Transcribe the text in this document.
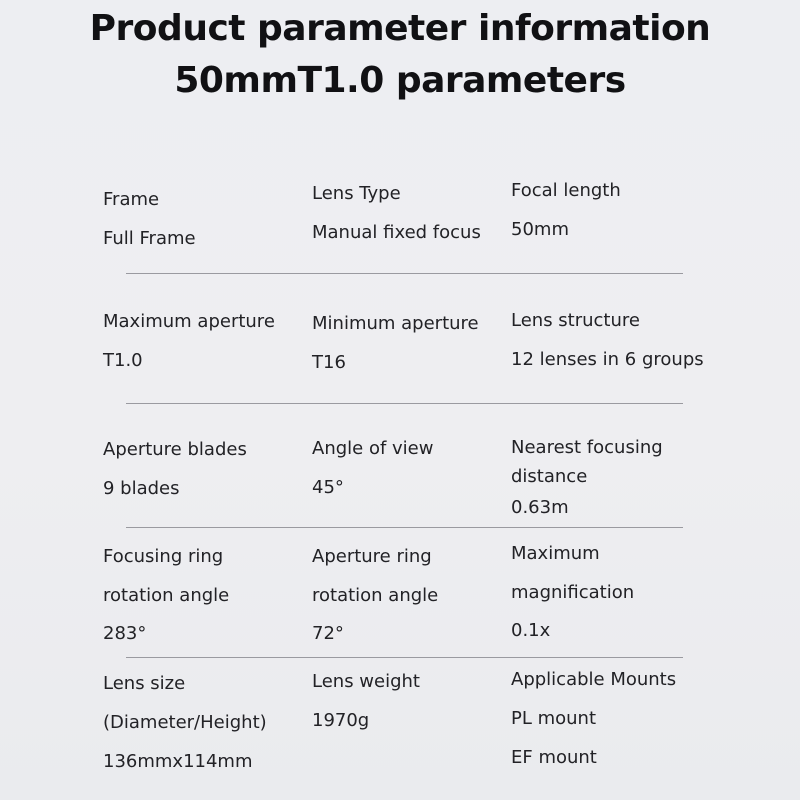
Product parameter information
50mmT1.0 parameters
Frame
Full Frame
Lens Type
Manual fixed focus
Focal length
50mm
Maximum aperture
T1.0
Minimum aperture
T16
Lens structure
12 lenses in 6 groups
Aperture blades
9 blades
Angle of view
45°
Nearest focusing
distance
0.63m
Focusing ring
rotation angle
283°
Aperture ring
rotation angle
72°
Maximum
magnification
0.1x
Lens size
(Diameter/Height)
136mmx114mm
Lens weight
1970g
Applicable Mounts
PL mount
EF mount
